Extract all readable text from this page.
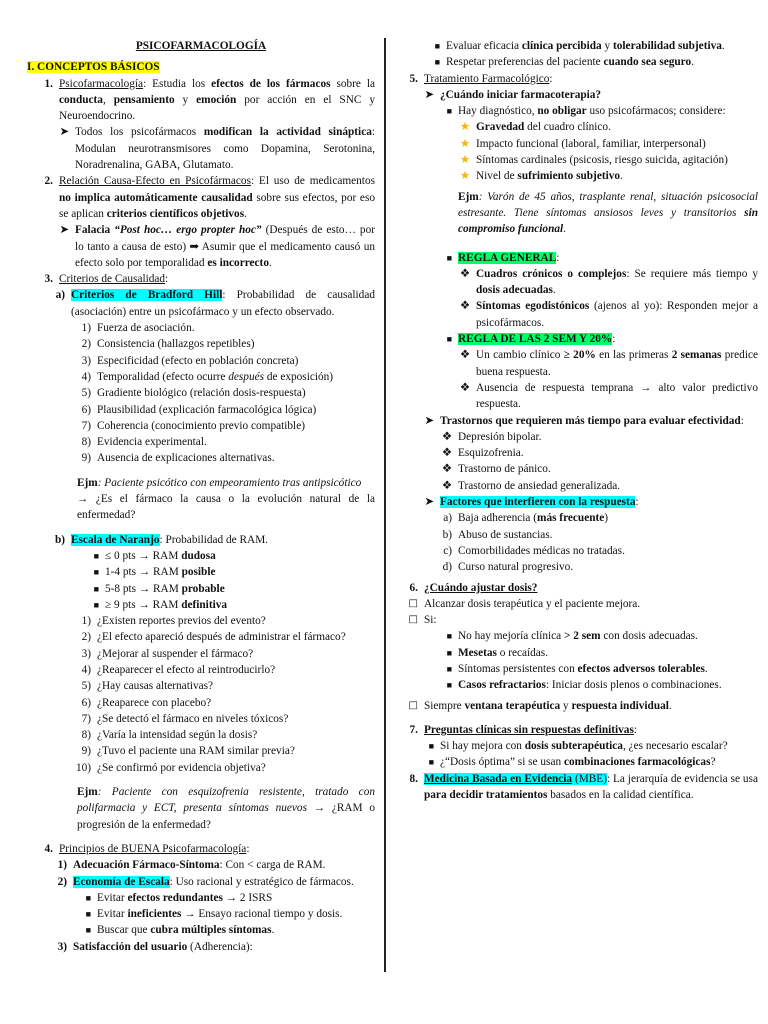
PSICOFARMACOLOGÍA

I. CONCEPTOS BÁSICOS

1. Psicofarmacología: Estudia los efectos de los fármacos sobre la conducta, pensamiento y emoción por acción en el SNC y Neuroendocrino.
➤ Todos los psicofármacos modifican la actividad sináptica: Modulan neurotransmisores como Dopamina, Serotonina, Noradrenalina, GABA, Glutamato.
2. Relación Causa-Efecto en Psicofármacos: El uso de medicamentos no implica automáticamente causalidad sobre sus efectos, por eso se aplican criterios científicos objetivos.
➤ Falacia “Post hoc… ergo propter hoc” (Después de esto… por lo tanto a causa de esto) ➡ Asumir que el medicamento causó un efecto solo por temporalidad es incorrecto.
3. Criterios de Causalidad:
a) Criterios de Bradford Hill: Probabilidad de causalidad (asociación) entre un psicofármaco y un efecto observado.
1) Fuerza de asociación.
2) Consistencia (hallazgos repetibles)
3) Especificidad (efecto en población concreta)
4) Temporalidad (efecto ocurre después de exposición)
5) Gradiente biológico (relación dosis-respuesta)
6) Plausibilidad (explicación farmacológica lógica)
7) Coherencia (conocimiento previo compatible)
8) Evidencia experimental.
9) Ausencia de explicaciones alternativas.
Ejm: Paciente psicótico con empeoramiento tras antipsicótico
→ ¿Es el fármaco la causa o la evolución natural de la enfermedad?
b) Escala de Naranjo: Probabilidad de RAM.
■ ≤ 0 pts → RAM dudosa
■ 1-4 pts → RAM posible
■ 5-8 pts → RAM probable
■ ≥ 9 pts → RAM definitiva
1) ¿Existen reportes previos del evento?
2) ¿El efecto apareció después de administrar el fármaco?
3) ¿Mejorar al suspender el fármaco?
4) ¿Reaparecer el efecto al reintroducirlo?
5) ¿Hay causas alternativas?
6) ¿Reaparece con placebo?
7) ¿Se detectó el fármaco en niveles tóxicos?
8) ¿Varía la intensidad según la dosis?
9) ¿Tuvo el paciente una RAM similar previa?
10) ¿Se confirmó por evidencia objetiva?
Ejm: Paciente con esquizofrenia resistente, tratado con polifarmacia y ECT, presenta síntomas nuevos → ¿RAM o progresión de la enfermedad?
4. Principios de BUENA Psicofarmacología:
1) Adecuación Fármaco-Síntoma: Con < carga de RAM.
2) Economía de Escala: Uso racional y estratégico de fármacos.
■ Evitar efectos redundantes → 2 ISRS
■ Evitar ineficientes → Ensayo racional tiempo y dosis.
■ Buscar que cubra múltiples síntomas.
3) Satisfacción del usuario (Adherencia):
■ Evaluar eficacia clínica percibida y tolerabilidad subjetiva.
■ Respetar preferencias del paciente cuando sea seguro.
5. Tratamiento Farmacológico:
➤ ¿Cuándo iniciar farmacoterapia?
■ Hay diagnóstico, no obligar uso psicofármacos; considere:
★ Gravedad del cuadro clínico.
★ Impacto funcional (laboral, familiar, interpersonal)
★ Síntomas cardinales (psicosis, riesgo suicida, agitación)
★ Nivel de sufrimiento subjetivo.
Ejm: Varón de 45 años, trasplante renal, situación psicosocial estresante. Tiene síntomas ansiosos leves y transitorios sin compromiso funcional.
■ REGLA GENERAL:
❖ Cuadros crónicos o complejos: Se requiere más tiempo y dosis adecuadas.
❖ Síntomas egodistónicos (ajenos al yo): Responden mejor a psicofármacos.
■ REGLA DE LAS 2 SEM Y 20%:
❖ Un cambio clínico ≥ 20% en las primeras 2 semanas predice buena respuesta.
❖ Ausencia de respuesta temprana → alto valor predictivo respuesta.
➤ Trastornos que requieren más tiempo para evaluar efectividad:
❖ Depresión bipolar.
❖ Esquizofrenia.
❖ Trastorno de pánico.
❖ Trastorno de ansiedad generalizada.
➤ Factores que interfieren con la respuesta:
a) Baja adherencia (más frecuente)
b) Abuso de sustancias.
c) Comorbilidades médicas no tratadas.
d) Curso natural progresivo.
6. ¿Cuándo ajustar dosis?
□ Alcanzar dosis terapéutica y el paciente mejora.
□ Si:
■ No hay mejoría clínica > 2 sem con dosis adecuadas.
■ Mesetas o recaídas.
■ Síntomas persistentes con efectos adversos tolerables.
■ Casos refractarios: Iniciar dosis plenos o combinaciones.
□ Siempre ventana terapéutica y respuesta individual.
7. Preguntas clínicas sin respuestas definitivas:
■ Si hay mejora con dosis subterapéutica, ¿es necesario escalar?
■ ¿“Dosis óptima” si se usan combinaciones farmacológicas?
8. Medicina Basada en Evidencia (MBE): La jerarquía de evidencia se usa para decidir tratamientos basados en la calidad científica.
